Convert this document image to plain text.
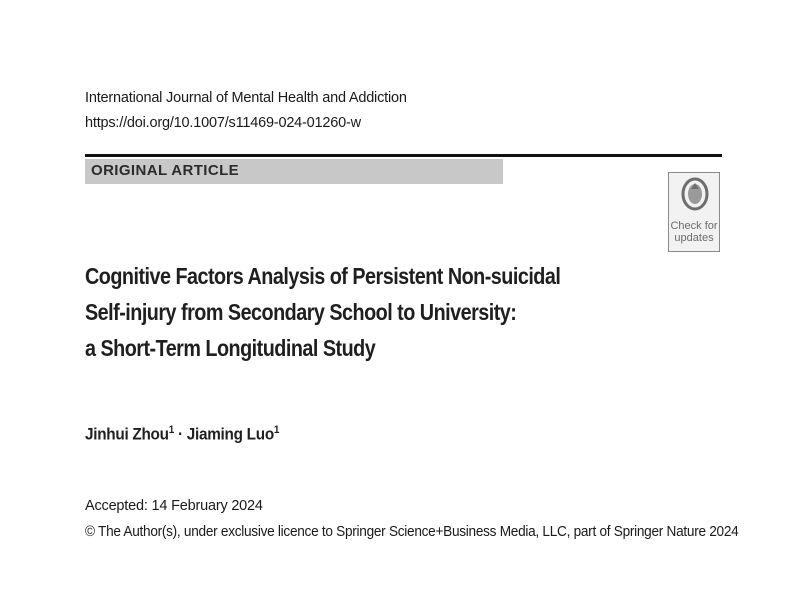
International Journal of Mental Health and Addiction
https://doi.org/10.1007/s11469-024-01260-w
ORIGINAL ARTICLE
Check for
updates
Cognitive Factors Analysis of Persistent Non-suicidal
Self-injury from Secondary School to University:
a Short-Term Longitudinal Study
Jinhui Zhou$^1$ · Jiaming Luo$^1$
Accepted: 14 February 2024
© The Author(s), under exclusive licence to Springer Science+Business Media, LLC, part of Springer Nature 2024
